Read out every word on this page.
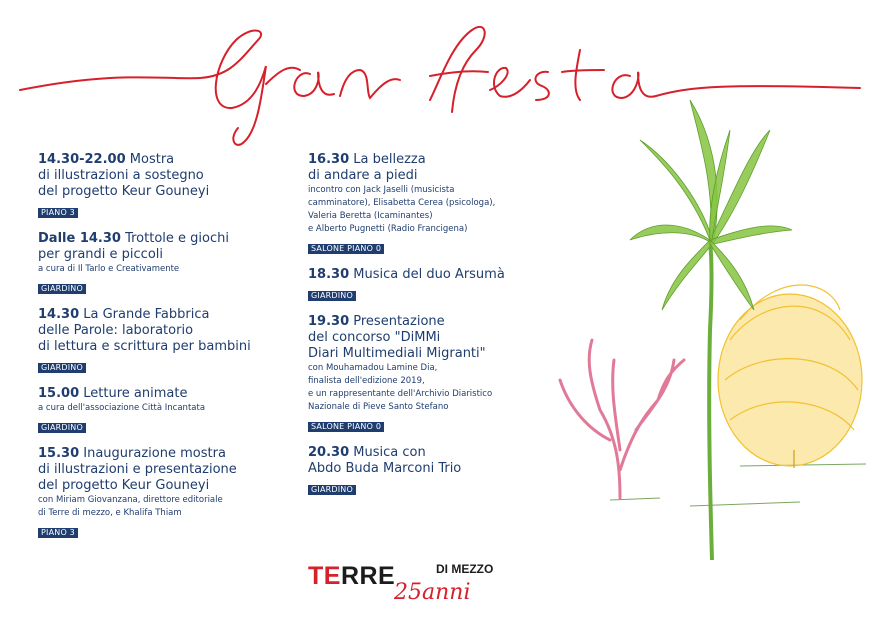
14.30-22.00 Mostra
di illustrazioni a sostegno
del progetto Keur Gouneyi
PIANO 3
Dalle 14.30 Trottole e giochi
per grandi e piccoli
a cura di Il Tarlo e Creativamente
GIARDINO
14.30 La Grande Fabbrica
delle Parole: laboratorio
di lettura e scrittura per bambini
GIARDINO
15.00 Letture animate
a cura dell'associazione Città Incantata
GIARDINO
15.30 Inaugurazione mostra
di illustrazioni e presentazione
del progetto Keur Gouneyi
con Miriam Giovanzana, direttore editoriale
di Terre di mezzo, e Khalifa Thiam
PIANO 3
16.30 La bellezza
di andare a piedi
incontro con Jack Jaselli (musicista
camminatore), Elisabetta Cerea (psicologa),
Valeria Beretta (Icaminantes)
e Alberto Pugnetti (Radio Francigena)
SALONE PIANO 0
18.30 Musica del duo Arsumà
GIARDINO
19.30 Presentazione
del concorso "DiMMi
Diari Multimediali Migranti"
con Mouhamadou Lamine Dia,
finalista dell'edizione 2019,
e un rappresentante dell'Archivio Diaristico
Nazionale di Pieve Santo Stefano
SALONE PIANO 0
20.30 Musica con
Abdo Buda Marconi Trio
GIARDINO
TERRE	DI MEZZO
25anni
